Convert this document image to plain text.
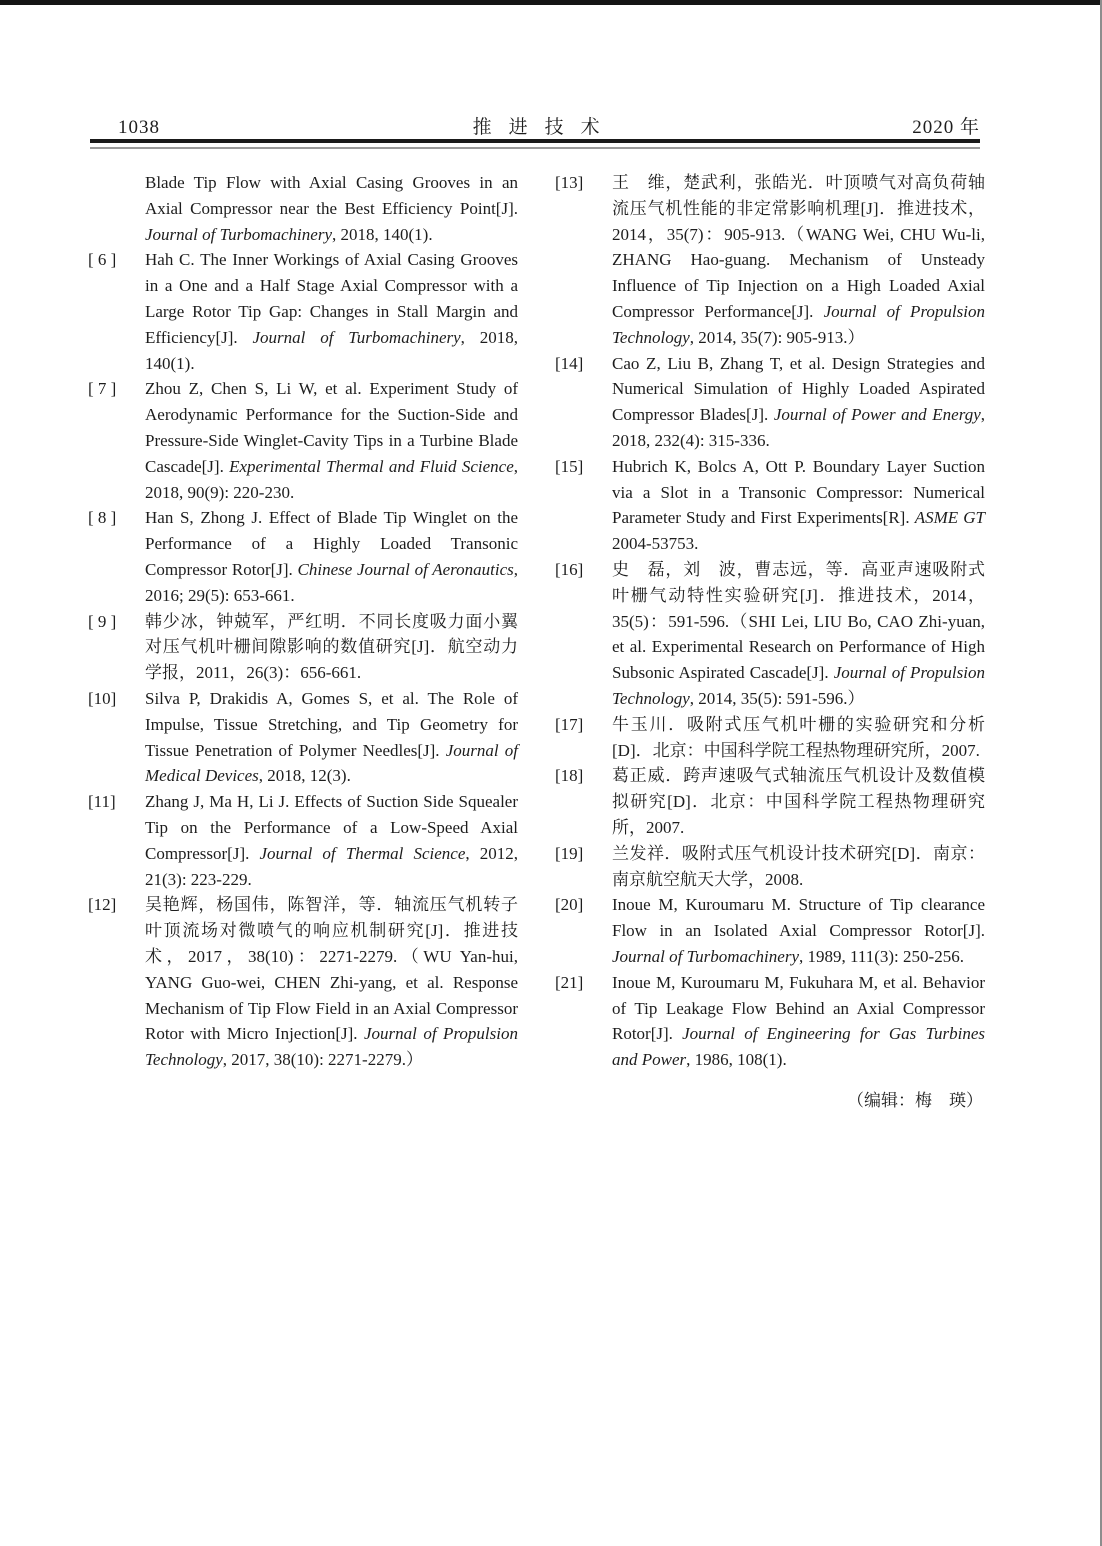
1038	推进技术	2020 年
Blade Tip Flow with Axial Casing Grooves in an Axial Compressor near the Best Efficiency Point[J]. Journal of Turbomachinery, 2018, 140(1).
[ 6 ]	Hah C. The Inner Workings of Axial Casing Grooves in a One and a Half Stage Axial Compressor with a Large Rotor Tip Gap: Changes in Stall Margin and Efficiency[J]. Journal of Turbomachinery, 2018, 140(1).
[ 7 ]	Zhou Z, Chen S, Li W, et al. Experiment Study of Aerodynamic Performance for the Suction-Side and Pressure-Side Winglet-Cavity Tips in a Turbine Blade Cascade[J]. Experimental Thermal and Fluid Science, 2018, 90(9): 220-230.
[ 8 ]	Han S, Zhong J. Effect of Blade Tip Winglet on the Performance of a Highly Loaded Transonic Compressor Rotor[J]. Chinese Journal of Aeronautics, 2016; 29(5): 653-661.
[ 9 ]	韩少冰，钟兢军，严红明．不同长度吸力面小翼对压气机叶栅间隙影响的数值研究[J]．航空动力学报，2011，26(3)：656-661.
[10]	Silva P, Drakidis A, Gomes S, et al. The Role of Impulse, Tissue Stretching, and Tip Geometry for Tissue Penetration of Polymer Needles[J]. Journal of Medical Devices, 2018, 12(3).
[11]	Zhang J, Ma H, Li J. Effects of Suction Side Squealer Tip on the Performance of a Low-Speed Axial Compressor[J]. Journal of Thermal Science, 2012, 21(3): 223-229.
[12]	吴艳辉，杨国伟，陈智洋，等．轴流压气机转子叶顶流场对微喷气的响应机制研究[J]．推进技术，2017，38(10)：2271-2279.（WU Yan-hui, YANG Guo-wei, CHEN Zhi-yang, et al. Response Mechanism of Tip Flow Field in an Axial Compressor Rotor with Micro Injection[J]. Journal of Propulsion Technology, 2017, 38(10): 2271-2279.）
[13]	王　维，楚武利，张皓光．叶顶喷气对高负荷轴流压气机性能的非定常影响机理[J]．推进技术，2014，35(7)：905-913.（WANG Wei, CHU Wu-li, ZHANG Hao-guang. Mechanism of Unsteady Influence of Tip Injection on a High Loaded Axial Compressor Performance[J]. Journal of Propulsion Technology, 2014, 35(7): 905-913.）
[14]	Cao Z, Liu B, Zhang T, et al. Design Strategies and Numerical Simulation of Highly Loaded Aspirated Compressor Blades[J]. Journal of Power and Energy, 2018, 232(4): 315-336.
[15]	Hubrich K, Bolcs A, Ott P. Boundary Layer Suction via a Slot in a Transonic Compressor: Numerical Parameter Study and First Experiments[R]. ASME GT 2004-53753.
[16]	史　磊，刘　波，曹志远，等．高亚声速吸附式叶栅气动特性实验研究[J]．推进技术，2014，35(5)：591-596.（SHI Lei, LIU Bo, CAO Zhi-yuan, et al. Experimental Research on Performance of High Subsonic Aspirated Cascade[J]. Journal of Propulsion Technology, 2014, 35(5): 591-596.）
[17]	牛玉川．吸附式压气机叶栅的实验研究和分析[D]．北京：中国科学院工程热物理研究所，2007.
[18]	葛正威．跨声速吸气式轴流压气机设计及数值模拟研究[D]．北京：中国科学院工程热物理研究所，2007.
[19]	兰发祥．吸附式压气机设计技术研究[D]．南京：南京航空航天大学，2008.
[20]	Inoue M, Kuroumaru M. Structure of Tip clearance Flow in an Isolated Axial Compressor Rotor[J]. Journal of Turbomachinery, 1989, 111(3): 250-256.
[21]	Inoue M, Kuroumaru M, Fukuhara M, et al. Behavior of Tip Leakage Flow Behind an Axial Compressor Rotor[J]. Journal of Engineering for Gas Turbines and Power, 1986, 108(1).
（编辑：梅　瑛）
